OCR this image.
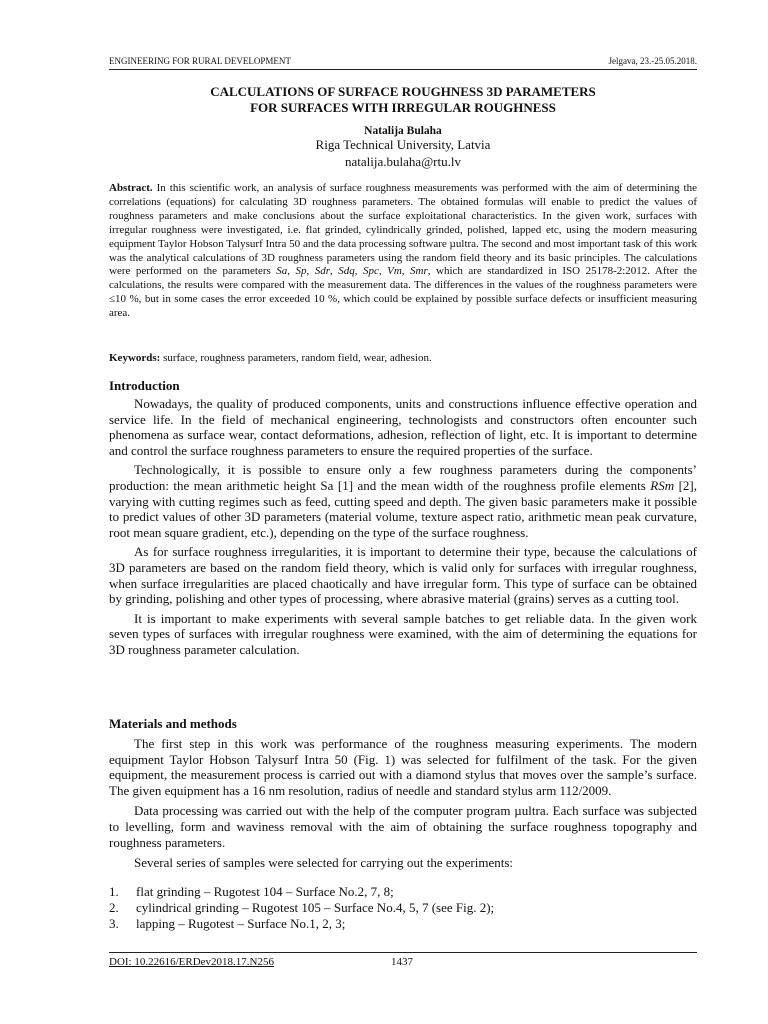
ENGINEERING FOR RURAL DEVELOPMENT	Jelgava, 23.-25.05.2018.
CALCULATIONS OF SURFACE ROUGHNESS 3D PARAMETERS
FOR SURFACES WITH IRREGULAR ROUGHNESS
Natalija Bulaha
Riga Technical University, Latvia
natalija.bulaha@rtu.lv
Abstract. In this scientific work, an analysis of surface roughness measurements was performed with the aim of determining the correlations (equations) for calculating 3D roughness parameters. The obtained formulas will enable to predict the values of roughness parameters and make conclusions about the surface exploitational characteristics. In the given work, surfaces with irregular roughness were investigated, i.e. flat grinded, cylindrically grinded, polished, lapped etc, using the modern measuring equipment Taylor Hobson Talysurf Intra 50 and the data processing software µultra. The second and most important task of this work was the analytical calculations of 3D roughness parameters using the random field theory and its basic principles. The calculations were performed on the parameters Sa, Sp, Sdr, Sdq, Spc, Vm, Smr, which are standardized in ISO 25178-2:2012. After the calculations, the results were compared with the measurement data. The differences in the values of the roughness parameters were ≤10 %, but in some cases the error exceeded 10 %, which could be explained by possible surface defects or insufficient measuring area.
Keywords: surface, roughness parameters, random field, wear, adhesion.
Introduction

Nowadays, the quality of produced components, units and constructions influence effective operation and service life. In the field of mechanical engineering, technologists and constructors often encounter such phenomena as surface wear, contact deformations, adhesion, reflection of light, etc. It is important to determine and control the surface roughness parameters to ensure the required properties of the surface.

Technologically, it is possible to ensure only a few roughness parameters during the components’ production: the mean arithmetic height Sa [1] and the mean width of the roughness profile elements RSm [2], varying with cutting regimes such as feed, cutting speed and depth. The given basic parameters make it possible to predict values of other 3D parameters (material volume, texture aspect ratio, arithmetic mean peak curvature, root mean square gradient, etc.), depending on the type of the surface roughness.

As for surface roughness irregularities, it is important to determine their type, because the calculations of 3D parameters are based on the random field theory, which is valid only for surfaces with irregular roughness, when surface irregularities are placed chaotically and have irregular form. This type of surface can be obtained by grinding, polishing and other types of processing, where abrasive material (grains) serves as a cutting tool.

It is important to make experiments with several sample batches to get reliable data. In the given work seven types of surfaces with irregular roughness were examined, with the aim of determining the equations for 3D roughness parameter calculation.

Materials and methods

The first step in this work was performance of the roughness measuring experiments. The modern equipment Taylor Hobson Talysurf Intra 50 (Fig. 1) was selected for fulfilment of the task. For the given equipment, the measurement process is carried out with a diamond stylus that moves over the sample’s surface. The given equipment has a 16 nm resolution, radius of needle and standard stylus arm 112/2009.

Data processing was carried out with the help of the computer program µultra. Each surface was subjected to levelling, form and waviness removal with the aim of obtaining the surface roughness topography and roughness parameters.

Several series of samples were selected for carrying out the experiments:

1. flat grinding – Rugotest 104 – Surface No.2, 7, 8;
2. cylindrical grinding – Rugotest 105 – Surface No.4, 5, 7 (see Fig. 2);
3. lapping – Rugotest – Surface No.1, 2, 3;
DOI: 10.22616/ERDev2018.17.N256	1437
